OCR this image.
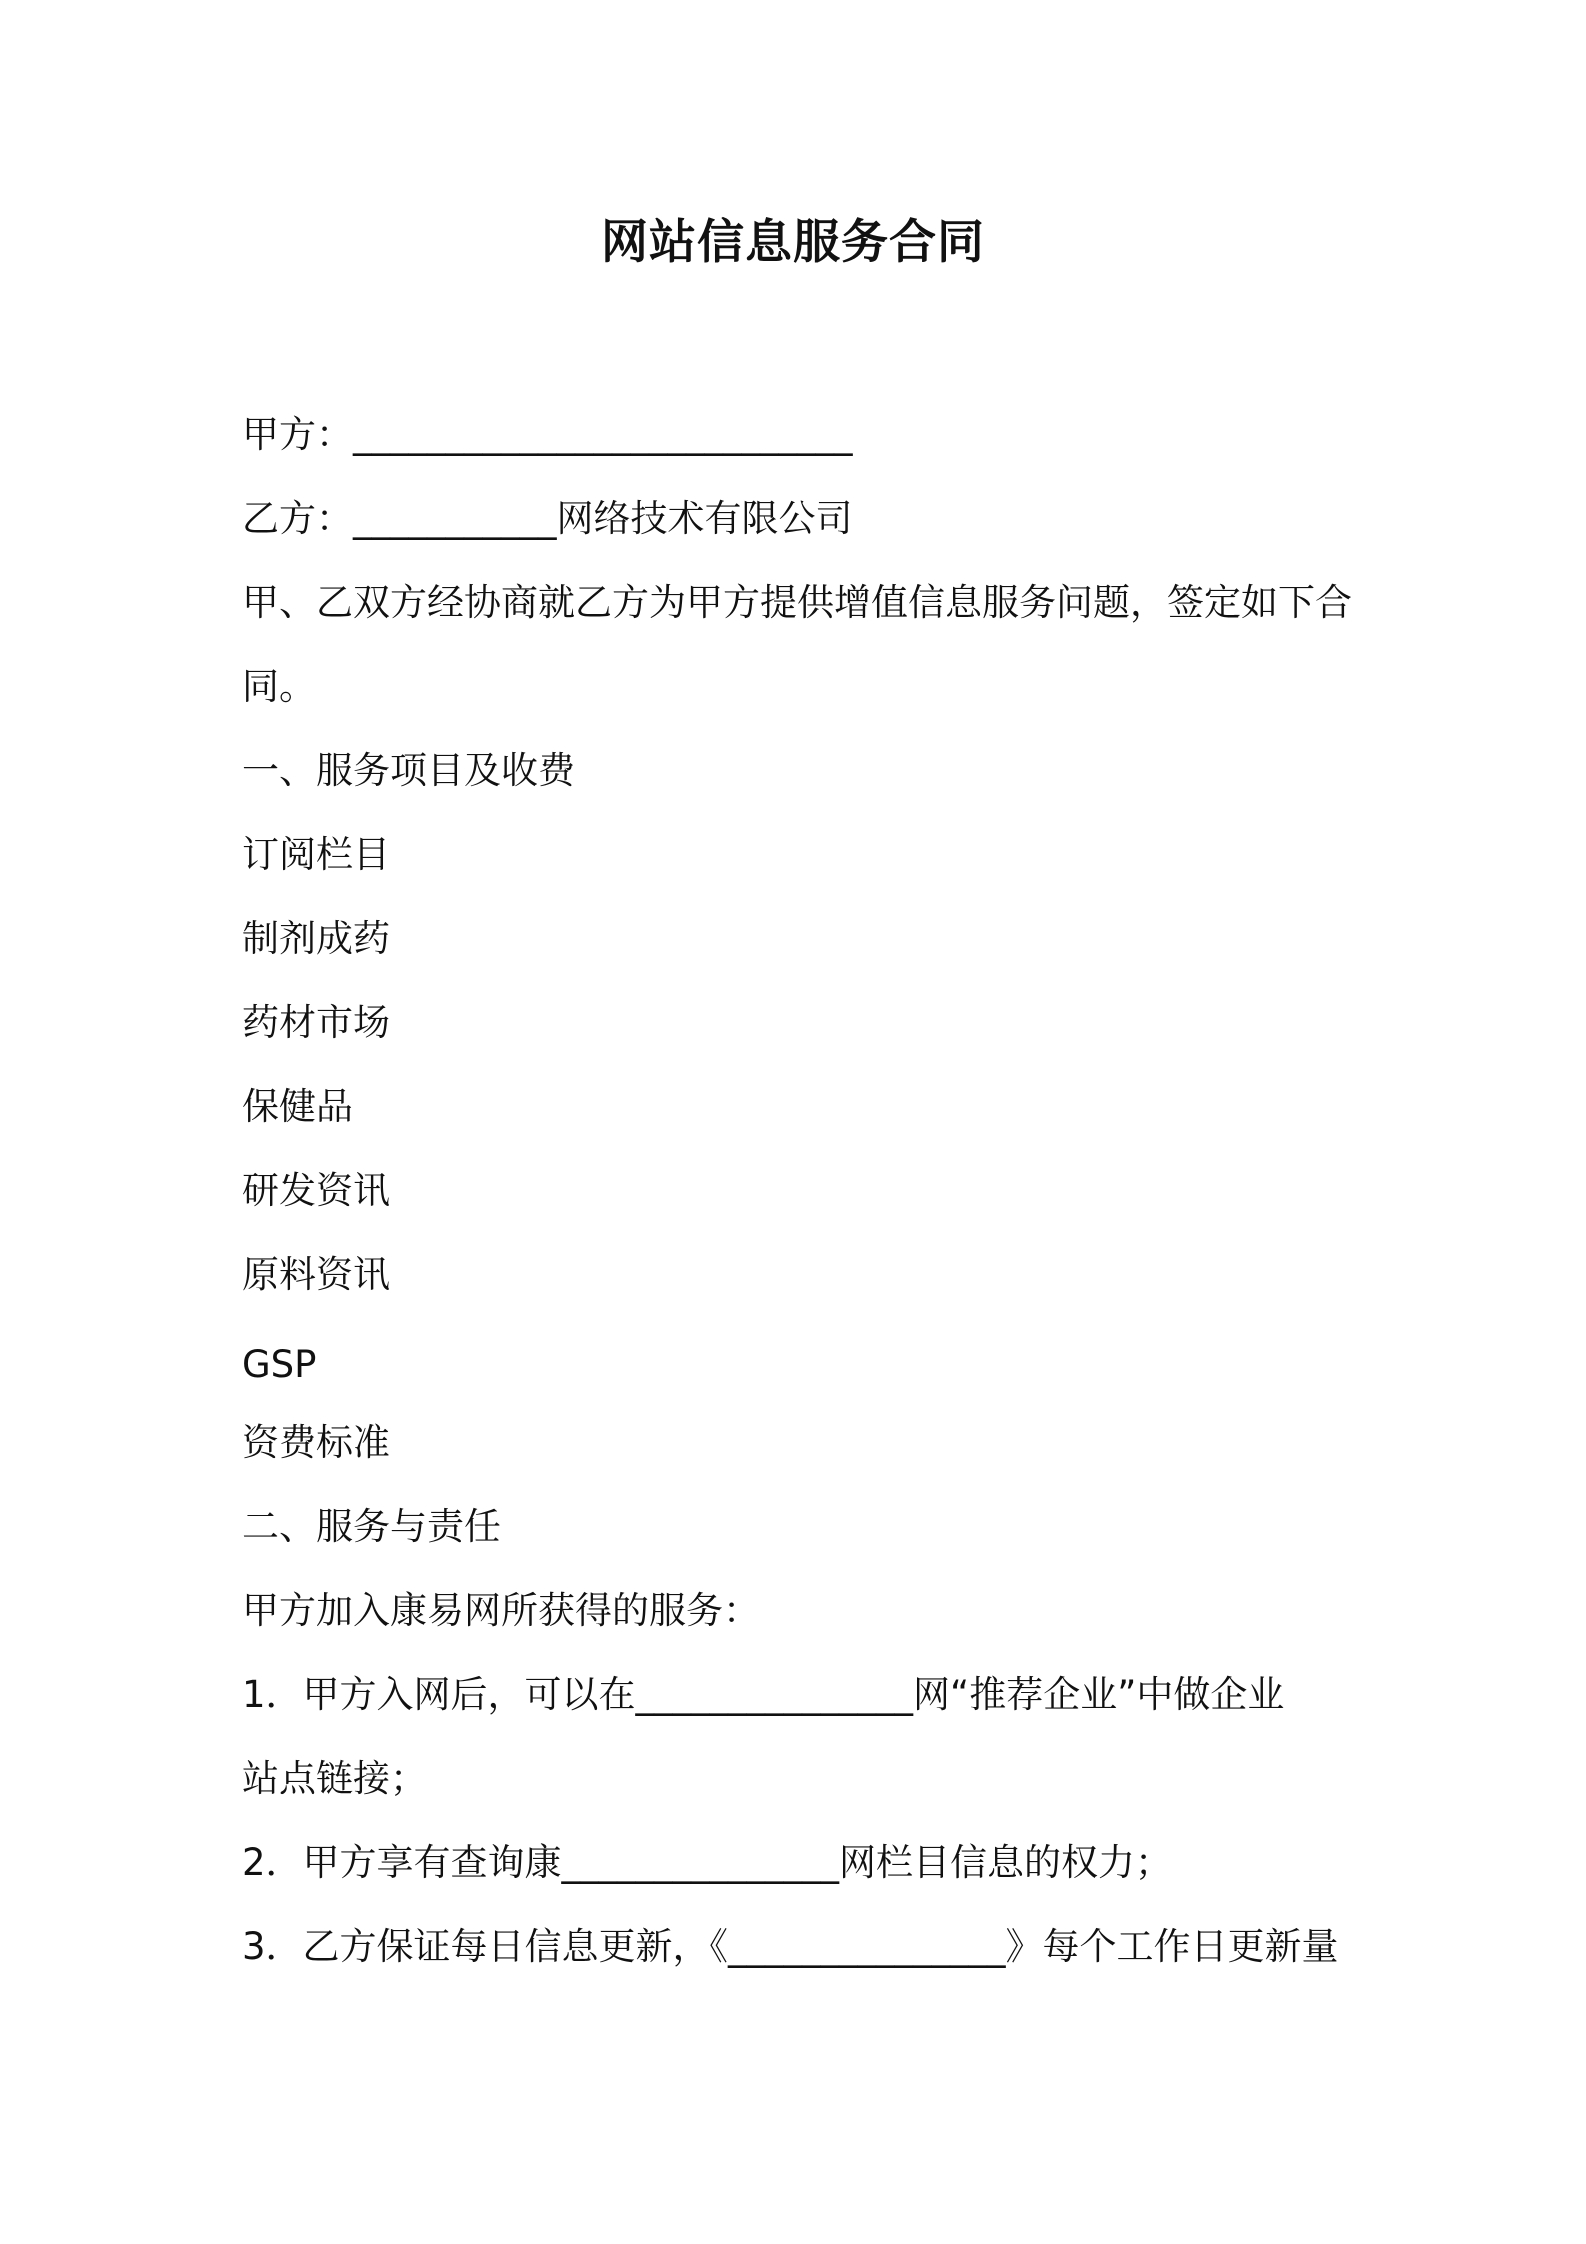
网站信息服务合同
甲方：___________________________
乙方：___________网络技术有限公司
甲、乙双方经协商就乙方为甲方提供增值信息服务问题，签定如下合
同。
一、服务项目及收费
订阅栏目
制剂成药
药材市场
保健品
研发资讯
原料资讯
GSP
资费标准
二、服务与责任
甲方加入康易网所获得的服务：
1．甲方入网后，可以在_______________网“推荐企业”中做企业
站点链接；
2．甲方享有查询康_______________网栏目信息的权力；
3．乙方保证每日信息更新，《_______________》每个工作日更新量
